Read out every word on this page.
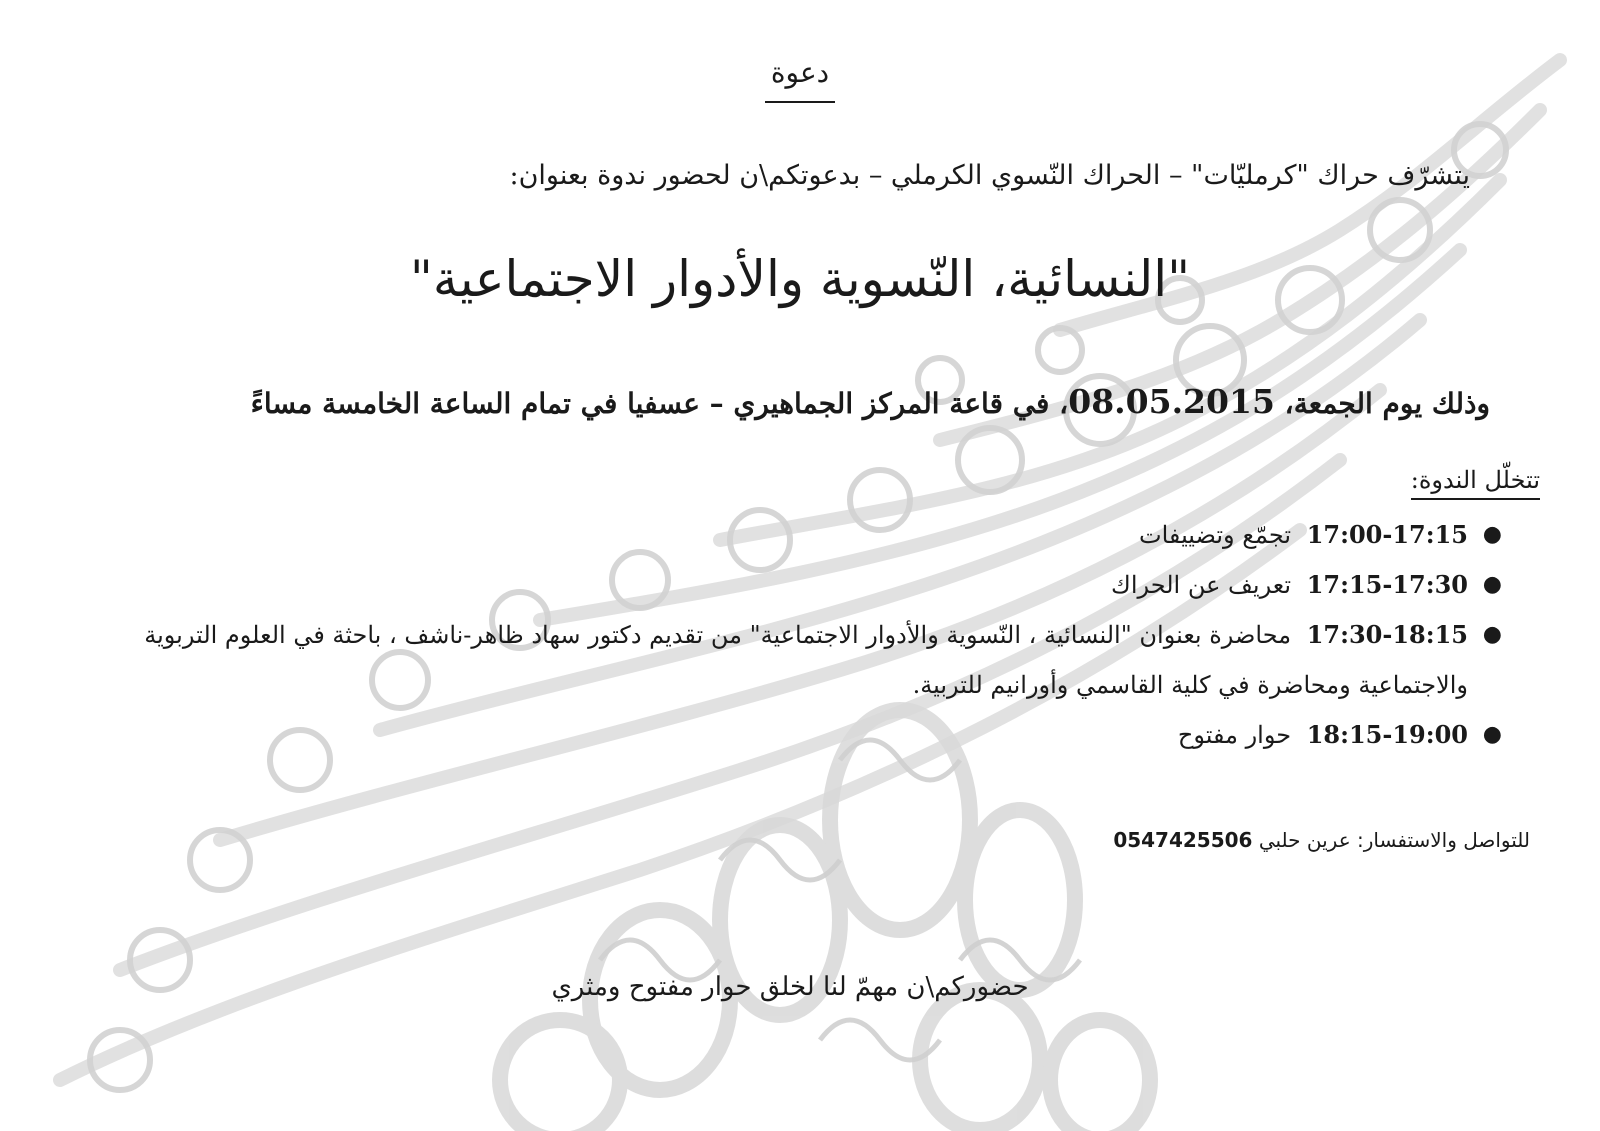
دعوة
يتشرّف حراك "كرمليّات" – الحراك النّسوي الكرملي – بدعوتكم\ن لحضور ندوة بعنوان:
"النسائية، النّسوية والأدوار الاجتماعية"
وذلك يوم الجمعة، 08.05.2015، في قاعة المركز الجماهيري – عسفيا في تمام الساعة الخامسة مساءً
تتخلّل الندوة:
●
17:00-17:15 تجمّع وتضييفات
●
17:15-17:30 تعريف عن الحراك
●
17:30-18:15 محاضرة بعنوان "النسائية ، النّسوية والأدوار الاجتماعية" من تقديم دكتور سهاد ظاهر-ناشف ، باحثة في العلوم التربوية والاجتماعية ومحاضرة في كلية القاسمي وأورانيم للتربية.
●
18:15-19:00 حوار مفتوح
للتواصل والاستفسار: عرين حلبي 0547425506
حضوركم\ن مهمّ لنا لخلق حوار مفتوح ومثري
